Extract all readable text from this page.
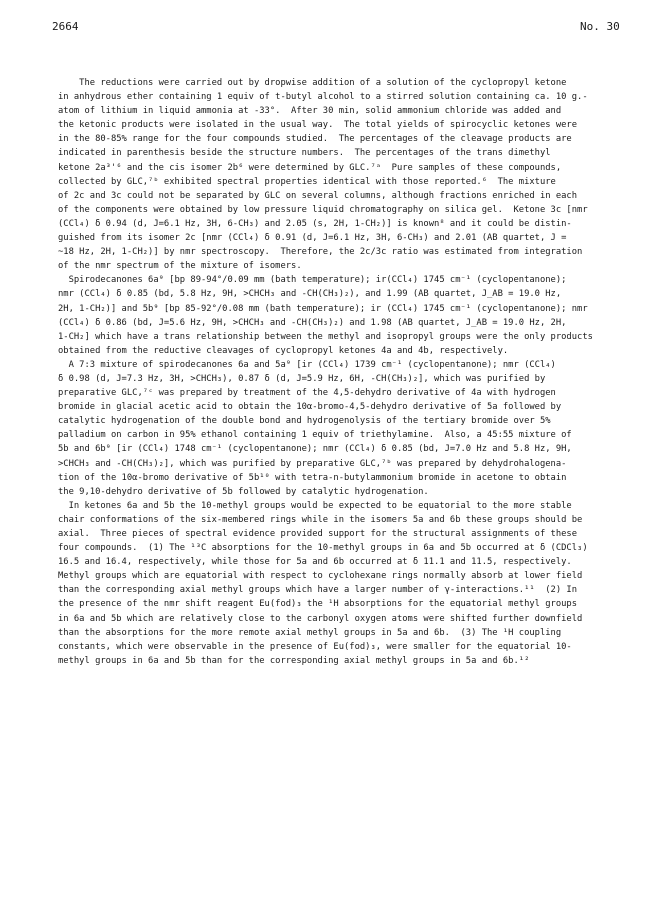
2664	No. 30
The reductions were carried out by dropwise addition of a solution of the cyclopropyl ketone
in anhydrous ether containing 1 equiv of t-butyl alcohol to a stirred solution containing ca. 10 g.-
atom of lithium in liquid ammonia at -33°.  After 30 min, solid ammonium chloride was added and
the ketonic products were isolated in the usual way.  The total yields of spirocyclic ketones were
in the 80-85% range for the four compounds studied.  The percentages of the cleavage products are
indicated in parenthesis beside the structure numbers.  The percentages of the trans dimethyl
ketone 2a³'⁶ and the cis isomer 2b⁶ were determined by GLC.⁷ᵃ  Pure samples of these compounds,
collected by GLC,⁷ᵇ exhibited spectral properties identical with those reported.⁶  The mixture
of 2c and 3c could not be separated by GLC on several columns, although fractions enriched in each
of the components were obtained by low pressure liquid chromatography on silica gel.  Ketone 3c [nmr
(CCl₄) δ 0.94 (d, J=6.1 Hz, 3H, 6-CH₃) and 2.05 (s, 2H, 1-CH₂)] is known⁸ and it could be distin-
guished from its isomer 2c [nmr (CCl₄) δ 0.91 (d, J=6.1 Hz, 3H, 6-CH₃) and 2.01 (AB quartet, J =
~18 Hz, 2H, 1-CH₂)] by nmr spectroscopy.  Therefore, the 2c/3c ratio was estimated from integration
of the nmr spectrum of the mixture of isomers.
Spirodecanones 6a⁹ [bp 89-94°/0.09 mm (bath temperature); ir(CCl₄) 1745 cm⁻¹ (cyclopentanone);
nmr (CCl₄) δ 0.85 (bd, 5.8 Hz, 9H, >CHCH₃ and -CH(CH₃)₂), and 1.99 (AB quartet, J_AB = 19.0 Hz,
2H, 1-CH₂)] and 5b⁹ [bp 85-92°/0.08 mm (bath temperature); ir (CCl₄) 1745 cm⁻¹ (cyclopentanone); nmr
(CCl₄) δ 0.86 (bd, J=5.6 Hz, 9H, >CHCH₃ and -CH(CH₃)₂) and 1.98 (AB quartet, J_AB = 19.0 Hz, 2H,
1-CH₂] which have a trans relationship between the methyl and isopropyl groups were the only products
obtained from the reductive cleavages of cyclopropyl ketones 4a and 4b, respectively.
A 7:3 mixture of spirodecanones 6a and 5a⁹ [ir (CCl₄) 1739 cm⁻¹ (cyclopentanone); nmr (CCl₄)
δ 0.98 (d, J=7.3 Hz, 3H, >CHCH₃), 0.87 δ (d, J=5.9 Hz, 6H, -CH(CH₃)₂], which was purified by
preparative GLC,⁷ᶜ was prepared by treatment of the 4,5-dehydro derivative of 4a with hydrogen
bromide in glacial acetic acid to obtain the 10α-bromo-4,5-dehydro derivative of 5a followed by
catalytic hydrogenation of the double bond and hydrogenolysis of the tertiary bromide over 5%
palladium on carbon in 95% ethanol containing 1 equiv of triethylamine.  Also, a 45:55 mixture of
5b and 6b⁹ [ir (CCl₄) 1748 cm⁻¹ (cyclopentanone); nmr (CCl₄) δ 0.85 (bd, J=7.0 Hz and 5.8 Hz, 9H,
>CHCH₃ and -CH(CH₃)₂], which was purified by preparative GLC,⁷ᵇ was prepared by dehydrohalogena-
tion of the 10α-bromo derivative of 5b¹⁰ with tetra-n-butylammonium bromide in acetone to obtain
the 9,10-dehydro derivative of 5b followed by catalytic hydrogenation.
In ketones 6a and 5b the 10-methyl groups would be expected to be equatorial to the more stable
chair conformations of the six-membered rings while in the isomers 5a and 6b these groups should be
axial.  Three pieces of spectral evidence provided support for the structural assignments of these
four compounds.  (1) The ¹³C absorptions for the 10-methyl groups in 6a and 5b occurred at δ (CDCl₃)
16.5 and 16.4, respectively, while those for 5a and 6b occurred at δ 11.1 and 11.5, respectively.
Methyl groups which are equatorial with respect to cyclohexane rings normally absorb at lower field
than the corresponding axial methyl groups which have a larger number of γ-interactions.¹¹  (2) In
the presence of the nmr shift reagent Eu(fod)₃ the ¹H absorptions for the equatorial methyl groups
in 6a and 5b which are relatively close to the carbonyl oxygen atoms were shifted further downfield
than the absorptions for the more remote axial methyl groups in 5a and 6b.  (3) The ¹H coupling
constants, which were observable in the presence of Eu(fod)₃, were smaller for the equatorial 10-
methyl groups in 6a and 5b than for the corresponding axial methyl groups in 5a and 6b.¹²
